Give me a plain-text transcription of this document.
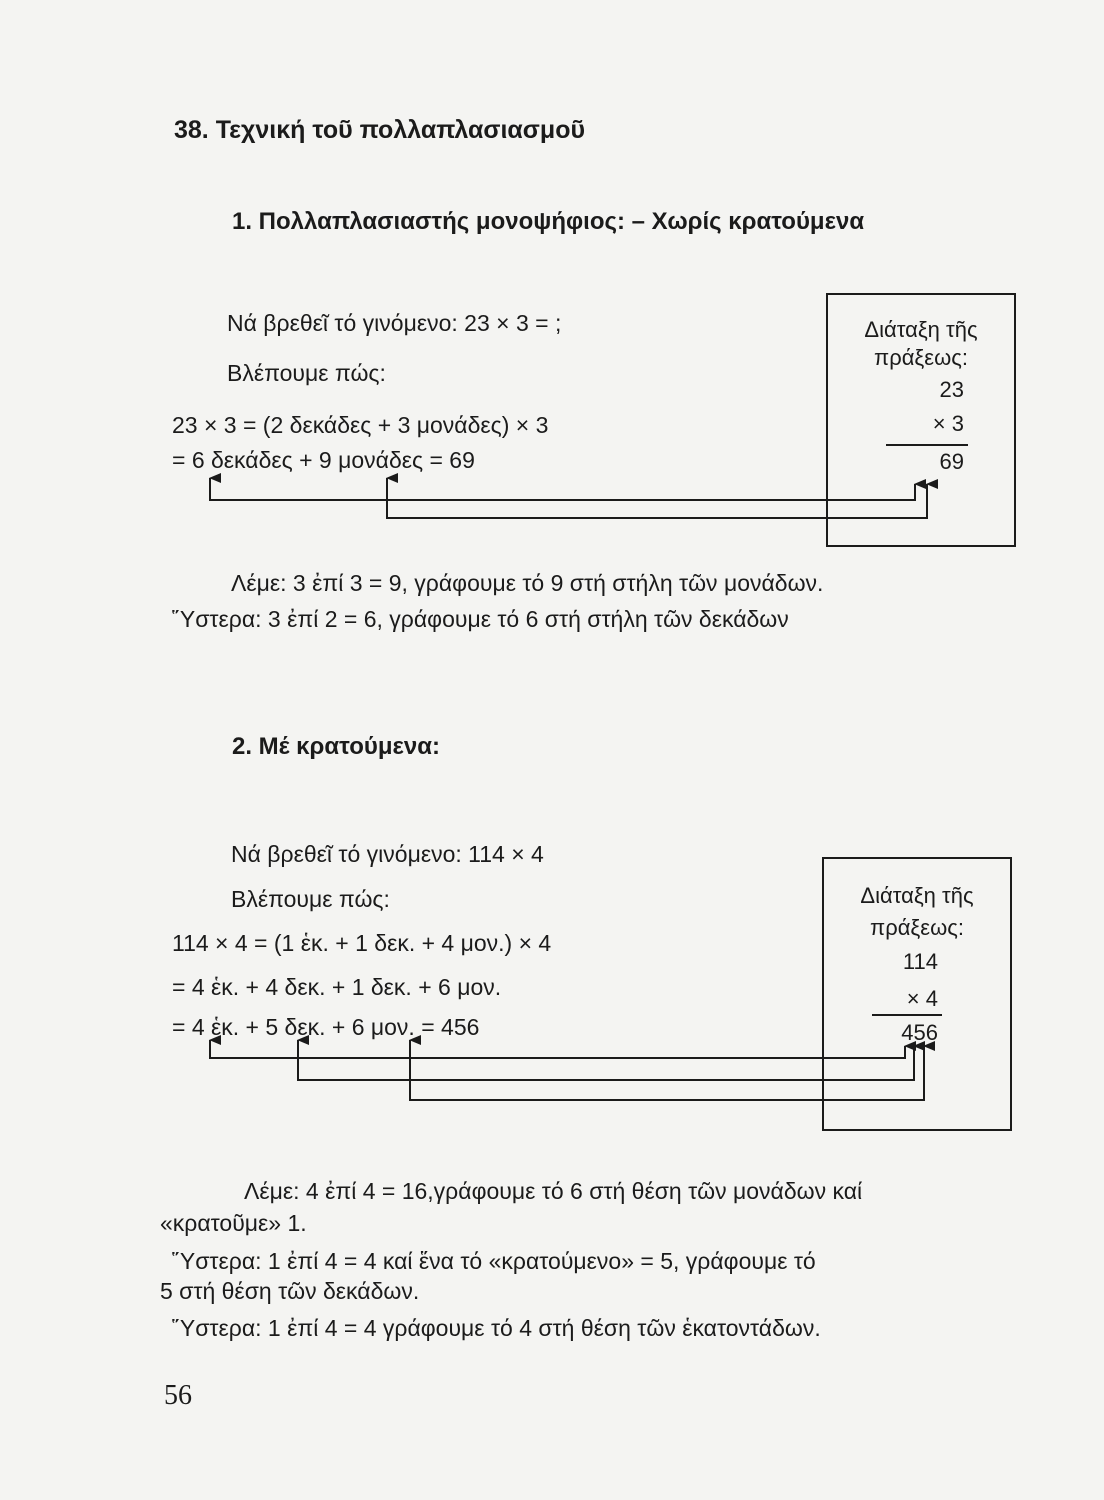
38. Τεχνική τοῦ πολλαπλασιασμοῦ
1. Πολλαπλασιαστής μονοψήφιος: – Χωρίς κρατούμενα
Νά βρεθεῖ τό γινόμενο: 23 × 3 = ;
Βλέπουμε πώς:
23 × 3 = (2 δεκάδες + 3 μονάδες) × 3
= 6 δεκάδες + 9 μονάδες = 69
Διάταξη τῆς
πράξεως:
23
× 3
69
Λέμε: 3 ἐπί 3 = 9, γράφουμε τό 9 στή στήλη τῶν μονάδων.
Ὕστερα: 3 ἐπί 2 = 6, γράφουμε τό 6 στή στήλη τῶν δεκάδων
2. Μέ κρατούμενα:
Νά βρεθεῖ τό γινόμενο: 114 × 4
Βλέπουμε πώς:
114 × 4 = (1 ἑκ. + 1 δεκ. + 4 μον.) × 4
= 4 ἑκ. + 4 δεκ. + 1 δεκ. + 6 μον.
= 4 ἑκ. + 5 δεκ. + 6 μον. = 456
Διάταξη τῆς
πράξεως:
114
× 4
456
Λέμε: 4 ἐπί 4 = 16,γράφουμε τό 6 στή θέση τῶν μονάδων καί
«κρατοῦμε» 1.
Ὕστερα: 1 ἐπί 4 = 4 καί ἕνα τό «κρατούμενο» = 5, γράφουμε τό
5 στή θέση τῶν δεκάδων.
Ὕστερα: 1 ἐπί 4 = 4 γράφουμε τό 4 στή θέση τῶν ἑκατοντάδων.
56
